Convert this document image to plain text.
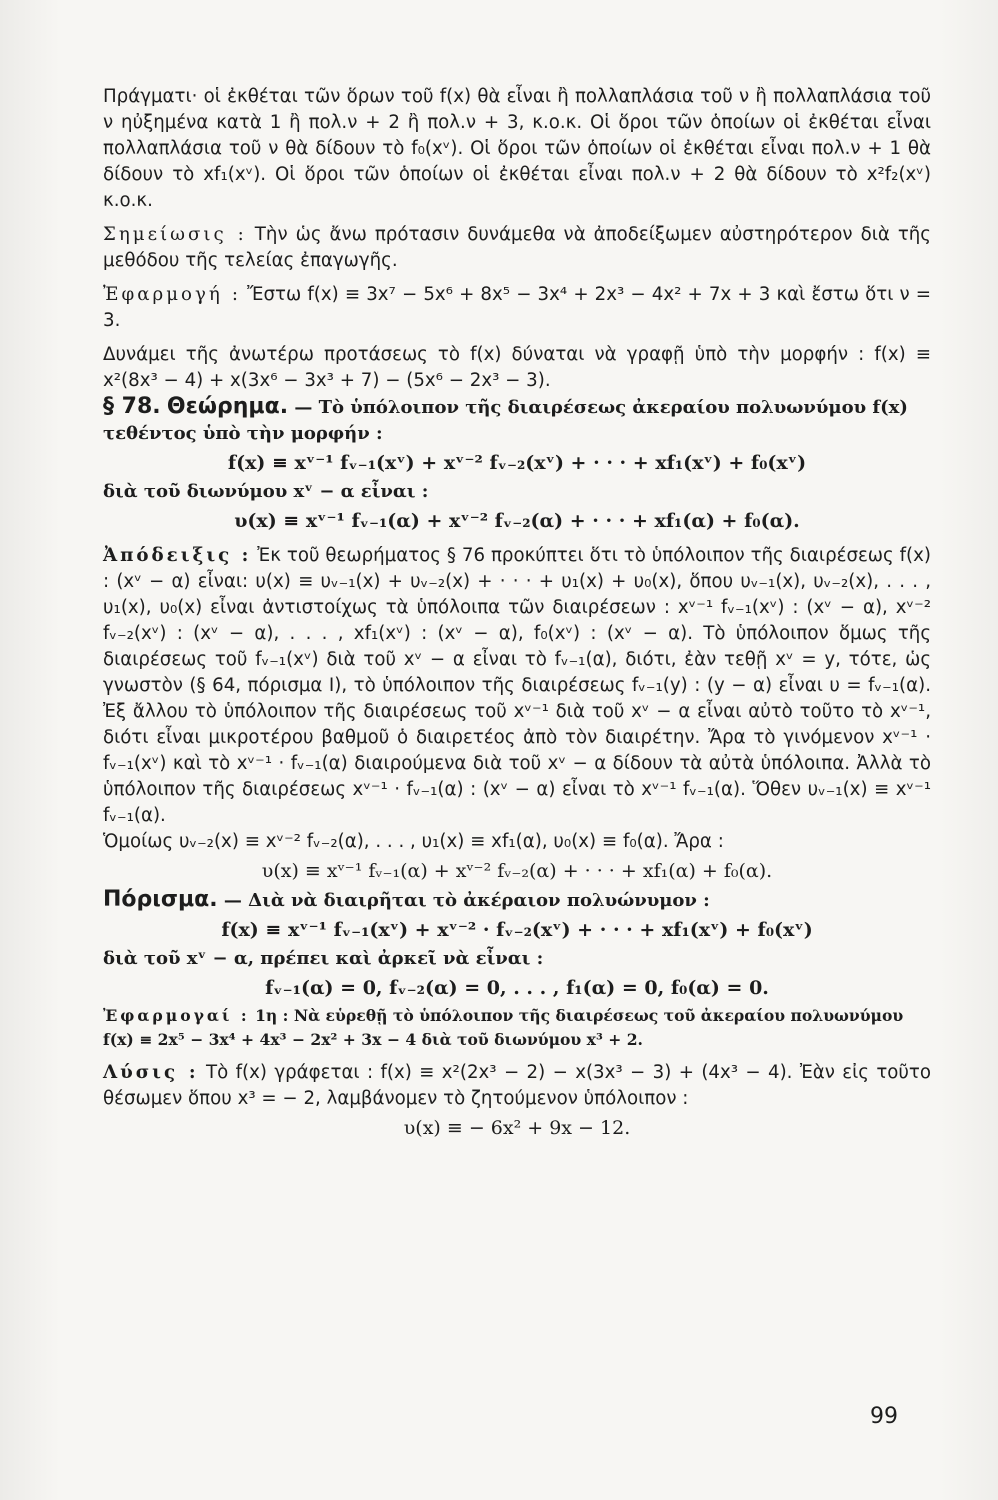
Πράγματι· οἱ ἐκθέται τῶν ὅρων τοῦ f(x) θὰ εἶναι ἢ πολλαπλάσια τοῦ ν ἢ πολλαπλάσια τοῦ ν ηὐξημένα κατὰ 1 ἢ πολ.ν + 2 ἢ πολ.ν + 3, κ.ο.κ. Οἱ ὅροι τῶν ὁποίων οἱ ἐκθέται εἶναι πολλαπλάσια τοῦ ν θὰ δίδουν τὸ f₀(xᵛ). Οἱ ὅροι τῶν ὁποίων οἱ ἐκθέται εἶναι πολ.ν + 1 θὰ δίδουν τὸ xf₁(xᵛ). Οἱ ὅροι τῶν ὁποίων οἱ ἐκθέται εἶναι πολ.ν + 2 θὰ δίδουν τὸ x²f₂(xᵛ) κ.ο.κ.

Σημείωσις : Τὴν ὡς ἄνω πρότασιν δυνάμεθα νὰ ἀποδείξωμεν αὐστηρότερον διὰ τῆς μεθόδου τῆς τελείας ἐπαγωγῆς.

Ἐφαρμογή : Ἔστω f(x) ≡ 3x⁷ − 5x⁶ + 8x⁵ − 3x⁴ + 2x³ − 4x² + 7x + 3 καὶ ἔστω ὅτι ν = 3.

Δυνάμει τῆς ἀνωτέρω προτάσεως τὸ f(x) δύναται νὰ γραφῇ ὑπὸ τὴν μορφήν : f(x) ≡ x²(8x³ − 4) + x(3x⁶ − 3x³ + 7) − (5x⁶ − 2x³ − 3).

§ 78. Θεώρημα. — Τὸ ὑπόλοιπον τῆς διαιρέσεως ἀκεραίου πολυωνύμου f(x) τεθέντος ὑπὸ τὴν μορφήν :

f(x) ≡ xᵛ⁻¹ fᵥ₋₁(xᵛ) + xᵛ⁻² fᵥ₋₂(xᵛ) + · · · + xf₁(xᵛ) + f₀(xᵛ)

διὰ τοῦ διωνύμου xᵛ − α εἶναι :

υ(x) ≡ xᵛ⁻¹ fᵥ₋₁(α) + xᵛ⁻² fᵥ₋₂(α) + · · · + xf₁(α) + f₀(α).

Ἀπόδειξις : Ἐκ τοῦ θεωρήματος § 76 προκύπτει ὅτι τὸ ὑπόλοιπον τῆς διαιρέσεως f(x) : (xᵛ − α) εἶναι: υ(x) ≡ υᵥ₋₁(x) + υᵥ₋₂(x) + · · · + υ₁(x) + υ₀(x), ὅπου υᵥ₋₁(x), υᵥ₋₂(x), . . . , υ₁(x), υ₀(x) εἶναι ἀντιστοίχως τὰ ὑπόλοιπα τῶν διαιρέσεων : xᵛ⁻¹ fᵥ₋₁(xᵛ) : (xᵛ − α), xᵛ⁻² fᵥ₋₂(xᵛ) : (xᵛ − α), . . . , xf₁(xᵛ) : (xᵛ − α), f₀(xᵛ) : (xᵛ − α). Τὸ ὑπόλοιπον ὅμως τῆς διαιρέσεως τοῦ fᵥ₋₁(xᵛ) διὰ τοῦ xᵛ − α εἶναι τὸ fᵥ₋₁(α), διότι, ἐὰν τεθῇ xᵛ = y, τότε, ὡς γνωστὸν (§ 64, πόρισμα I), τὸ ὑπόλοιπον τῆς διαιρέσεως fᵥ₋₁(y) : (y − α) εἶναι υ = fᵥ₋₁(α). Ἐξ ἄλλου τὸ ὑπόλοιπον τῆς διαιρέσεως τοῦ xᵛ⁻¹ διὰ τοῦ xᵛ − α εἶναι αὐτὸ τοῦτο τὸ xᵛ⁻¹, διότι εἶναι μικροτέρου βαθμοῦ ὁ διαιρετέος ἀπὸ τὸν διαιρέτην. Ἄρα τὸ γινόμενον xᵛ⁻¹ · fᵥ₋₁(xᵛ) καὶ τὸ xᵛ⁻¹ · fᵥ₋₁(α) διαιρούμενα διὰ τοῦ xᵛ − α δίδουν τὰ αὐτὰ ὑπόλοιπα. Ἀλλὰ τὸ ὑπόλοιπον τῆς διαιρέσεως xᵛ⁻¹ · fᵥ₋₁(α) : (xᵛ − α) εἶναι τὸ xᵛ⁻¹ fᵥ₋₁(α). Ὅθεν υᵥ₋₁(x) ≡ xᵛ⁻¹ fᵥ₋₁(α).

Ὁμοίως υᵥ₋₂(x) ≡ xᵛ⁻² fᵥ₋₂(α), . . . , υ₁(x) ≡ xf₁(α), υ₀(x) ≡ f₀(α). Ἄρα :

υ(x) ≡ xᵛ⁻¹ fᵥ₋₁(α) + xᵛ⁻² fᵥ₋₂(α) + · · · + xf₁(α) + f₀(α).

Πόρισμα. — Διὰ νὰ διαιρῆται τὸ ἀκέραιον πολυώνυμον :

f(x) ≡ xᵛ⁻¹ fᵥ₋₁(xᵛ) + xᵛ⁻² · fᵥ₋₂(xᵛ) + · · · + xf₁(xᵛ) + f₀(xᵛ)

διὰ τοῦ xᵛ − α, πρέπει καὶ ἀρκεῖ νὰ εἶναι :

fᵥ₋₁(α) = 0, fᵥ₋₂(α) = 0, . . . , f₁(α) = 0, f₀(α) = 0.

Ἐφαρμογαί : 1η : Νὰ εὑρεθῇ τὸ ὑπόλοιπον τῆς διαιρέσεως τοῦ ἀκεραίου πολυωνύμου f(x) ≡ 2x⁵ − 3x⁴ + 4x³ − 2x² + 3x − 4 διὰ τοῦ διωνύμου x³ + 2.

Λύσις : Τὸ f(x) γράφεται : f(x) ≡ x²(2x³ − 2) − x(3x³ − 3) + (4x³ − 4). Ἐὰν εἰς τοῦτο θέσωμεν ὅπου x³ = − 2, λαμβάνομεν τὸ ζητούμενον ὑπόλοιπον :

υ(x) ≡ − 6x² + 9x − 12.

99
